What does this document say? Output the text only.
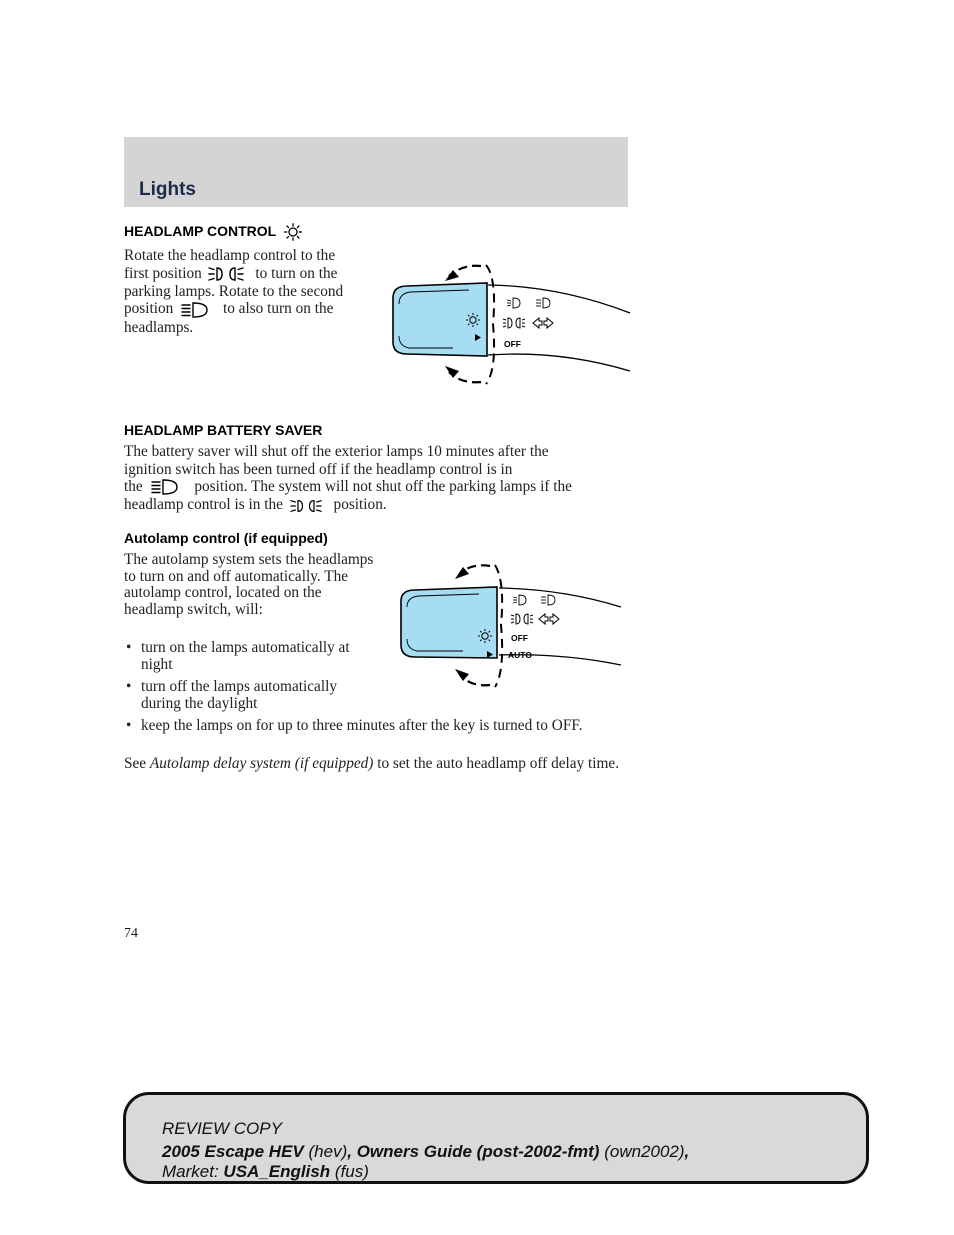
Lights
HEADLAMP CONTROL
Rotate the headlamp control to the
first position	to turn on the
parking lamps. Rotate to the second
position	to also turn on the
headlamps.
OFF
HEADLAMP BATTERY SAVER
The battery saver will shut off the exterior lamps 10 minutes after the
ignition switch has been turned off if the headlamp control is in
the	position. The system will not shut off the parking lamps if the
headlamp control is in the	position.
Autolamp control (if equipped)
The autolamp system sets the headlamps to turn on and off automatically. The autolamp control, located on the headlamp switch, will:
• turn on the lamps automatically at night
• turn off the lamps automatically during the daylight
• keep the lamps on for up to three minutes after the key is turned to OFF.
See Autolamp delay system (if equipped) to set the auto headlamp off delay time.
OFF
AUTO
74
REVIEW COPY
2005 Escape HEV (hev), Owners Guide (post-2002-fmt) (own2002),
Market: USA_English (fus)
